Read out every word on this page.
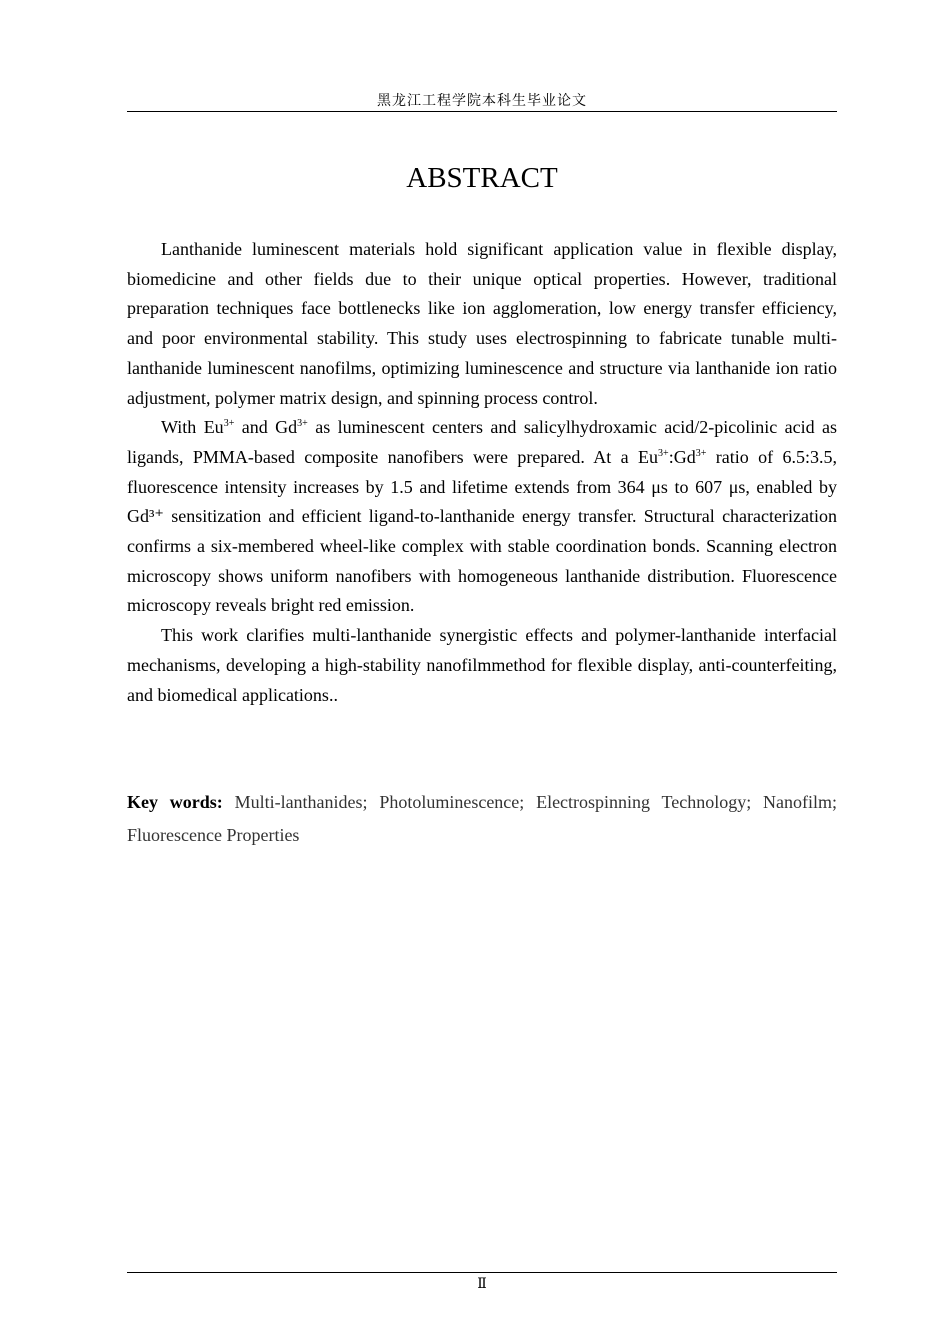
黑龙江工程学院本科生毕业论文
ABSTRACT

Lanthanide luminescent materials hold significant application value in flexible display, biomedicine and other fields due to their unique optical properties. However, traditional preparation techniques face bottlenecks like ion agglomeration, low energy transfer efficiency, and poor environmental stability. This study uses electrospinning to fabricate tunable multi-lanthanide luminescent nanofilms, optimizing luminescence and structure via lanthanide ion ratio adjustment, polymer matrix design, and spinning process control.

With $Eu^{3+}$ and $Gd^{3+}$ as luminescent centers and salicylhydroxamic acid/2-picolinic acid as ligands, PMMA-based composite nanofibers were prepared. At a $Eu^{3+}:Gd^{3+}$ ratio of 6.5:3.5, fluorescence intensity increases by 1.5 and lifetime extends from 364 μs to 607 μs, enabled by Gd³⁺ sensitization and efficient ligand-to-lanthanide energy transfer. Structural characterization confirms a six-membered wheel-like complex with stable coordination bonds. Scanning electron microscopy shows uniform nanofibers with homogeneous lanthanide distribution. Fluorescence microscopy reveals bright red emission.

This work clarifies multi-lanthanide synergistic effects and polymer-lanthanide interfacial mechanisms, developing a high-stability nanofilmmethod for flexible display, anti-counterfeiting, and biomedical applications..

Key words: Multi-lanthanides; Photoluminescence; Electrospinning Technology; Nanofilm; Fluorescence Properties
Ⅱ
